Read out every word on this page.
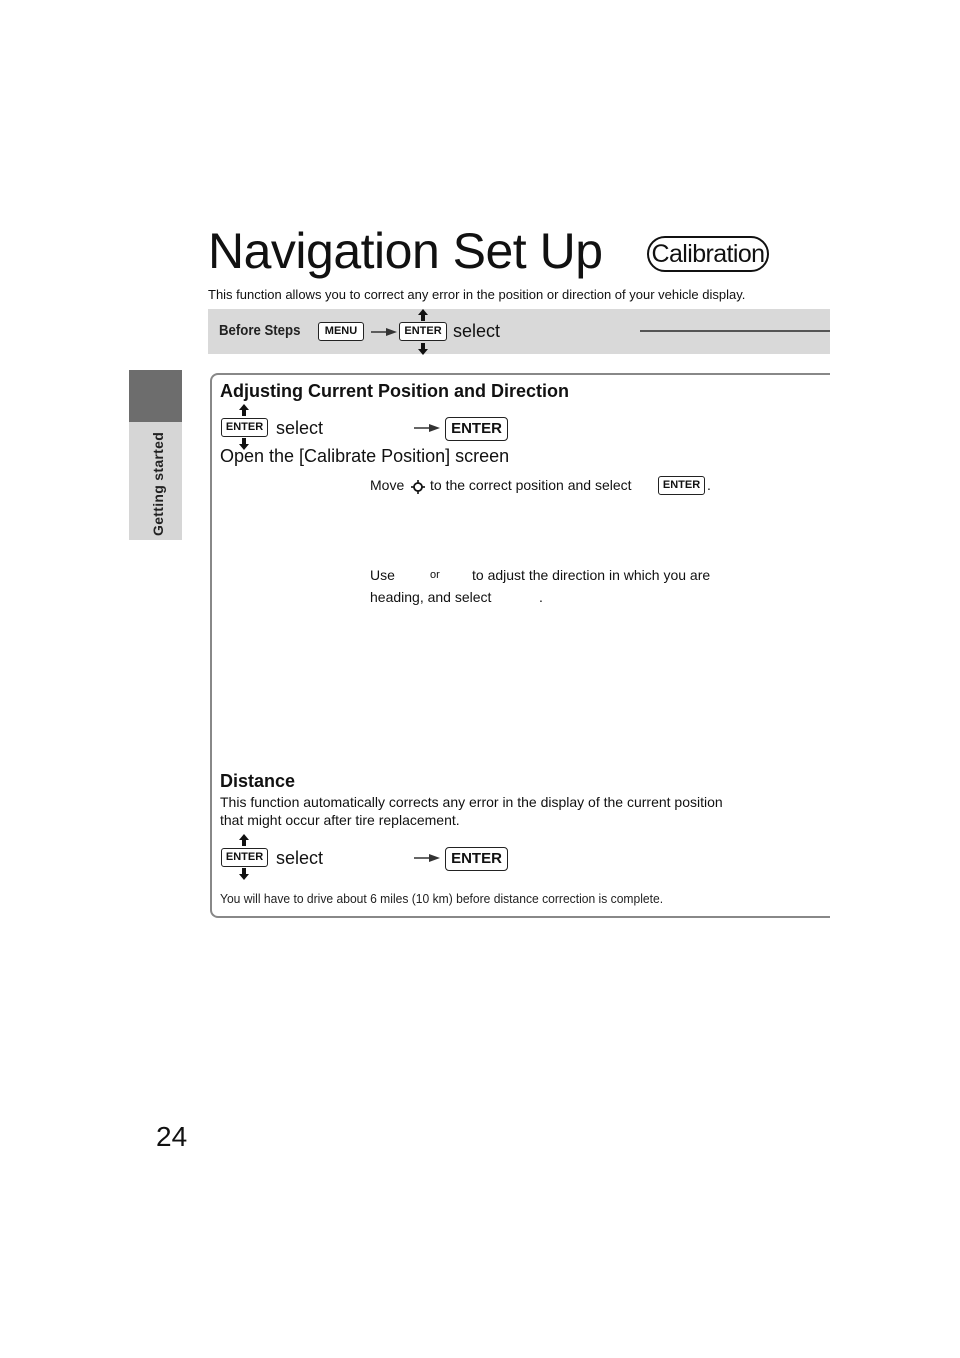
Getting started
24
Navigation Set Up Calibration
This function allows you to correct any error in the position or direction of your vehicle display.
Before Steps	MENU	ENTER select
Adjusting Current Position and Direction
ENTER select	ENTER
Open the [Calibrate Position] screen
Move to the correct position and select	ENTER .
Use	or to adjust the direction in which you are
heading, and select	.
Distance
This function automatically corrects any error in the display of the current position that might occur after tire replacement.
ENTER select	ENTER
You will have to drive about 6 miles (10 km) before distance correction is complete.
